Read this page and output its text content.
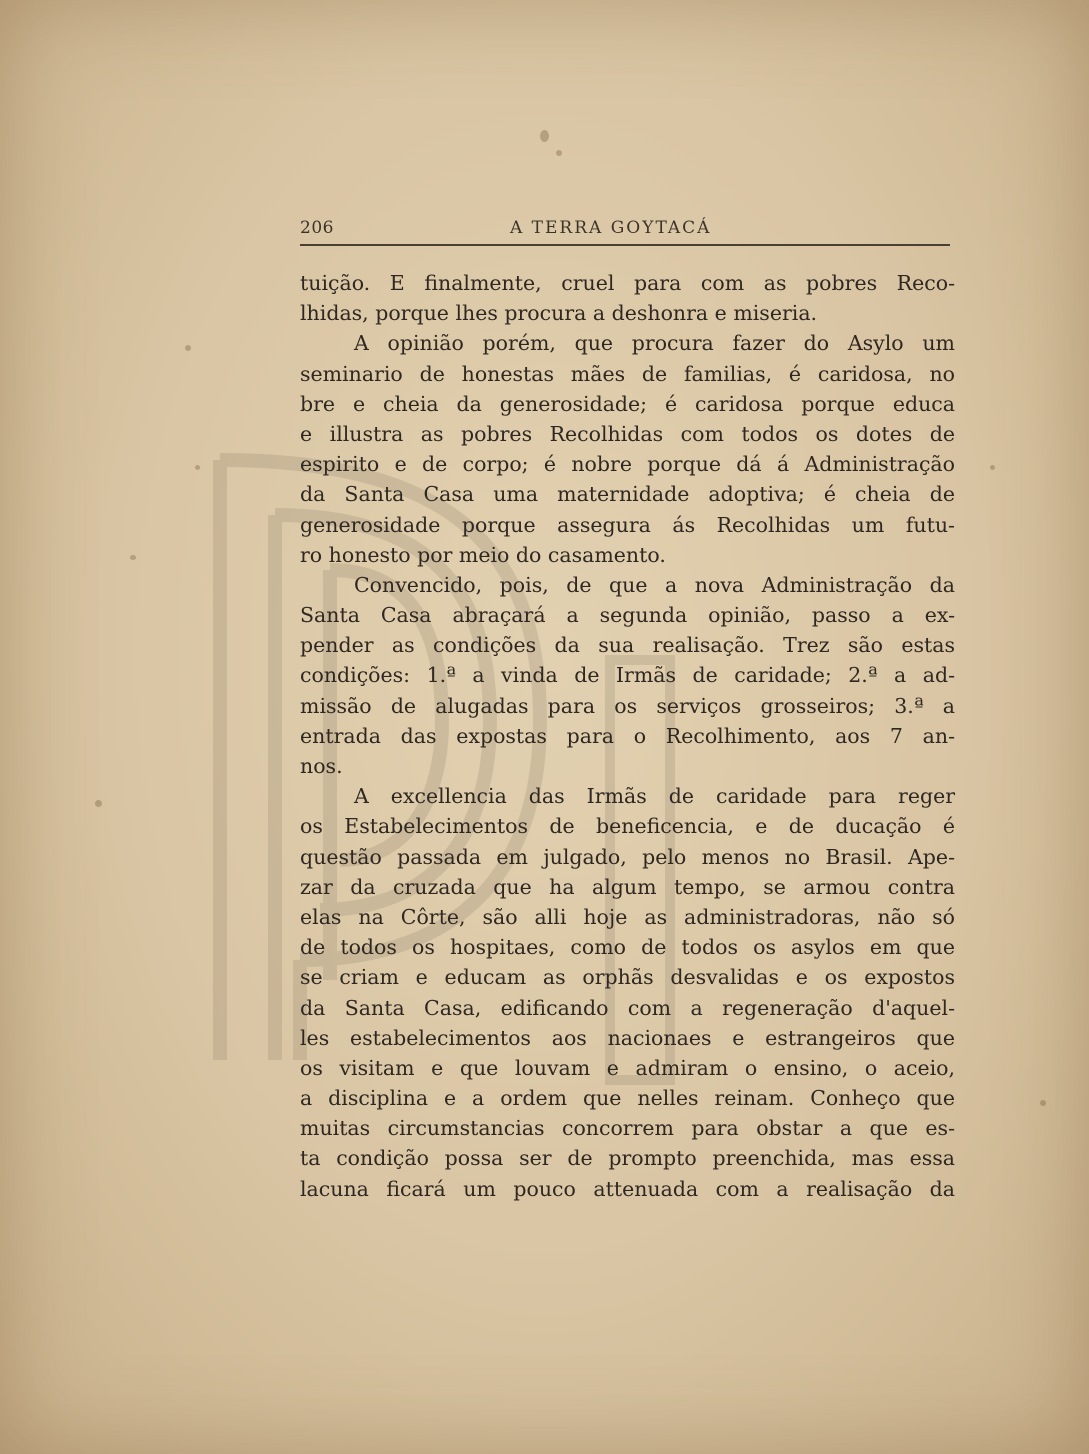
206	A TERRA GOYTACÁ
tuição. E finalmente, cruel para com as pobres Reco-
lhidas, porque lhes procura a deshonra e miseria.
A opinião porém, que procura fazer do Asylo um
seminario de honestas mães de familias, é caridosa, no
bre e cheia da generosidade; é caridosa porque educa
e illustra as pobres Recolhidas com todos os dotes de
espirito e de corpo; é nobre porque dá á Administração
da Santa Casa uma maternidade adoptiva; é cheia de
generosidade porque assegura ás Recolhidas um futu-
ro honesto por meio do casamento.
Convencido, pois, de que a nova Administração da
Santa Casa abraçará a segunda opinião, passo a ex-
pender as condições da sua realisação. Trez são estas
condições: 1.ª a vinda de Irmãs de caridade; 2.ª a ad-
missão de alugadas para os serviços grosseiros; 3.ª a
entrada das expostas para o Recolhimento, aos 7 an-
nos.
A excellencia das Irmãs de caridade para reger
os Estabelecimentos de beneficencia, e de ducação é
questão passada em julgado, pelo menos no Brasil. Ape-
zar da cruzada que ha algum tempo, se armou contra
elas na Côrte, são alli hoje as administradoras, não só
de todos os hospitaes, como de todos os asylos em que
se criam e educam as orphãs desvalidas e os expostos
da Santa Casa, edificando com a regeneração d'aquel-
les estabelecimentos aos nacionaes e estrangeiros que
os visitam e que louvam e admiram o ensino, o aceio,
a disciplina e a ordem que nelles reinam. Conheço que
muitas circumstancias concorrem para obstar a que es-
ta condição possa ser de prompto preenchida, mas essa
lacuna ficará um pouco attenuada com a realisação da
